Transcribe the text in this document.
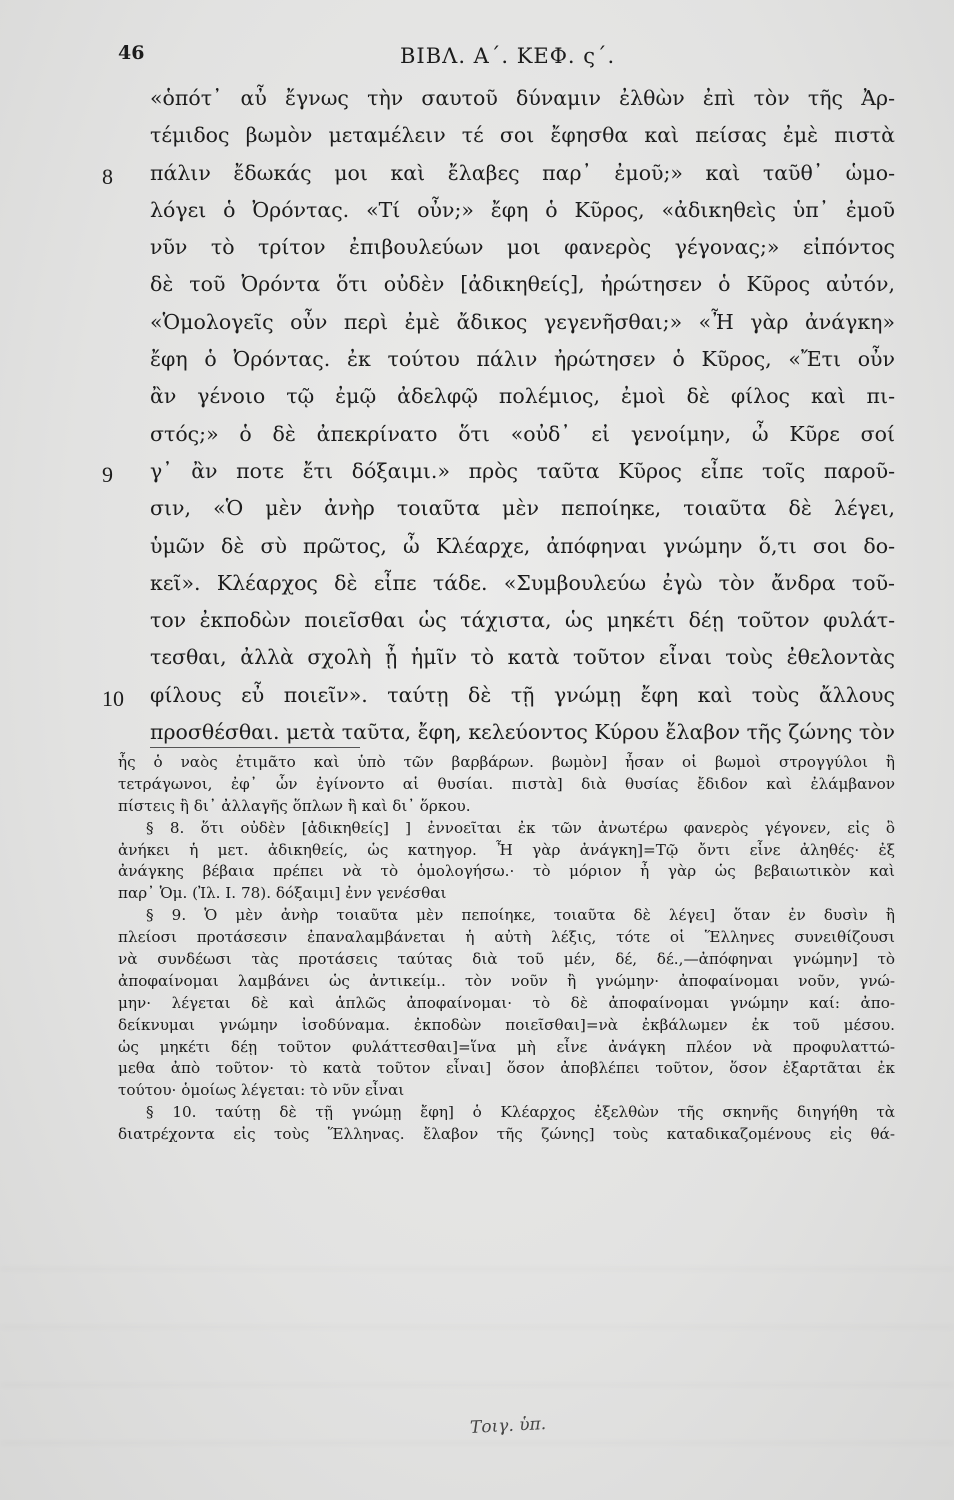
46	ΒΙΒΛ. Α΄. ΚΕΦ. ς΄.
8
9
10
«ὁπότ᾽ αὖ ἔγνως τὴν σαυτοῦ δύναμιν ἐλθὼν ἐπὶ τὸν τῆς Ἀρ-
τέμιδος βωμὸν μεταμέλειν τέ σοι ἔφησθα καὶ πείσας ἐμὲ πιστὰ
πάλιν ἔδωκάς μοι καὶ ἔλαβες παρ᾽ ἐμοῦ;» καὶ ταῦθ᾽ ὡμο-
λόγει ὁ Ὀρόντας. «Τί οὖν;» ἔφη ὁ Κῦρος, «ἀδικηθεὶς ὑπ᾽ ἐμοῦ
νῦν τὸ τρίτον ἐπιβουλεύων μοι φανερὸς γέγονας;» εἰπόντος
δὲ τοῦ Ὀρόντα ὅτι οὐδὲν [ἀδικηθείς], ἠρώτησεν ὁ Κῦρος αὐτόν,
«Ὁμολογεῖς οὖν περὶ ἐμὲ ἄδικος γεγενῆσθαι;» «Ἦ γὰρ ἀνάγκη»
ἔφη ὁ Ὀρόντας. ἐκ τούτου πάλιν ἠρώτησεν ὁ Κῦρος, «Ἔτι οὖν
ἂν γένοιο τῷ ἐμῷ ἀδελφῷ πολέμιος, ἐμοὶ δὲ φίλος καὶ πι-
στός;» ὁ δὲ ἀπεκρίνατο ὅτι «οὐδ᾽ εἰ γενοίμην, ὦ Κῦρε σοί
γ᾽ ἂν ποτε ἔτι δόξαιμι.» πρὸς ταῦτα Κῦρος εἶπε τοῖς παροῦ-
σιν, «Ὁ μὲν ἀνὴρ τοιαῦτα μὲν πεποίηκε, τοιαῦτα δὲ λέγει,
ὑμῶν δὲ σὺ πρῶτος, ὦ Κλέαρχε, ἀπόφηναι γνώμην ὅ,τι σοι δο-
κεῖ». Κλέαρχος δὲ εἶπε τάδε. «Συμβουλεύω ἐγὼ τὸν ἄνδρα τοῦ-
τον ἐκποδὼν ποιεῖσθαι ὡς τάχιστα, ὡς μηκέτι δέῃ τοῦτον φυλάτ-
τεσθαι, ἀλλὰ σχολὴ ᾖ ἡμῖν τὸ κατὰ τοῦτον εἶναι τοὺς ἐθελοντὰς
φίλους εὖ ποιεῖν». ταύτῃ δὲ τῇ γνώμῃ ἔφη καὶ τοὺς ἄλλους
προσθέσθαι. μετὰ ταῦτα, ἔφη, κελεύοντος Κύρου ἔλαβον τῆς ζώνης τὸν
ἧς ὁ ναὸς ἐτιμᾶτο καὶ ὑπὸ τῶν βαρβάρων. βωμὸν] ἦσαν οἱ βωμοὶ στρογγύλοι ἢ
τετράγωνοι, ἐφ᾽ ὧν ἐγίνοντο αἱ θυσίαι. πιστὰ] διὰ θυσίας ἔδιδον καὶ ἐλάμβανον
πίστεις ἢ δι᾽ ἀλλαγῆς ὅπλων ἢ καὶ δι᾽ ὅρκου.
§ 8. ὅτι οὐδὲν [ἀδικηθείς] ] ἐννοεῖται ἐκ τῶν ἀνωτέρω φανερὸς γέγονεν, εἰς ὃ
ἀνήκει ἡ μετ. ἀδικηθείς, ὡς κατηγορ. Ἦ γὰρ ἀνάγκη]=Τῷ ὄντι εἶνε ἀληθές· ἐξ
ἀνάγκης βέβαια πρέπει νὰ τὸ ὁμολογήσω.· τὸ μόριον ἦ γὰρ ὡς βεβαιωτικὸν καὶ
παρ᾽ Ὁμ. (Ἰλ. Ι. 78). δόξαιμι] ἐνν γενέσθαι
§ 9. Ὁ μὲν ἀνὴρ τοιαῦτα μὲν πεποίηκε, τοιαῦτα δὲ λέγει] ὅταν ἐν δυσὶν ἢ
πλείοσι προτάσεσιν ἐπαναλαμβάνεται ἡ αὐτὴ λέξις, τότε οἱ Ἕλληνες συνειθίζουσι
νὰ συνδέωσι τὰς προτάσεις ταύτας διὰ τοῦ μέν, δέ, δέ.,—ἀπόφηναι γνώμην] τὸ
ἀποφαίνομαι λαμβάνει ὡς ἀντικείμ.. τὸν νοῦν ἢ γνώμην· ἀποφαίνομαι νοῦν, γνώ-
μην· λέγεται δὲ καὶ ἁπλῶς ἀποφαίνομαι· τὸ δὲ ἀποφαίνομαι γνώμην καί: ἀπο-
δείκνυμαι γνώμην ἰσοδύναμα. ἐκποδὼν ποιεῖσθαι]=νὰ ἐκβάλωμεν ἐκ τοῦ μέσου.
ὡς μηκέτι δέῃ τοῦτον φυλάττεσθαι]=ἵνα μὴ εἶνε ἀνάγκη πλέον νὰ προφυλαττώ-
μεθα ἀπὸ τοῦτον· τὸ κατὰ τοῦτον εἶναι] ὅσον ἀποβλέπει τοῦτον, ὅσον ἐξαρτᾶται ἐκ
τούτου· ὁμοίως λέγεται: τὸ νῦν εἶναι
§ 10. ταύτῃ δὲ τῇ γνώμῃ ἔφη] ὁ Κλέαρχος ἐξελθὼν τῆς σκηνῆς διηγήθη τὰ
διατρέχοντα εἰς τοὺς Ἕλληνας. ἔλαβον τῆς ζώνης] τοὺς καταδικαζομένους εἰς θά-
Τοιγ. ὑπ.
